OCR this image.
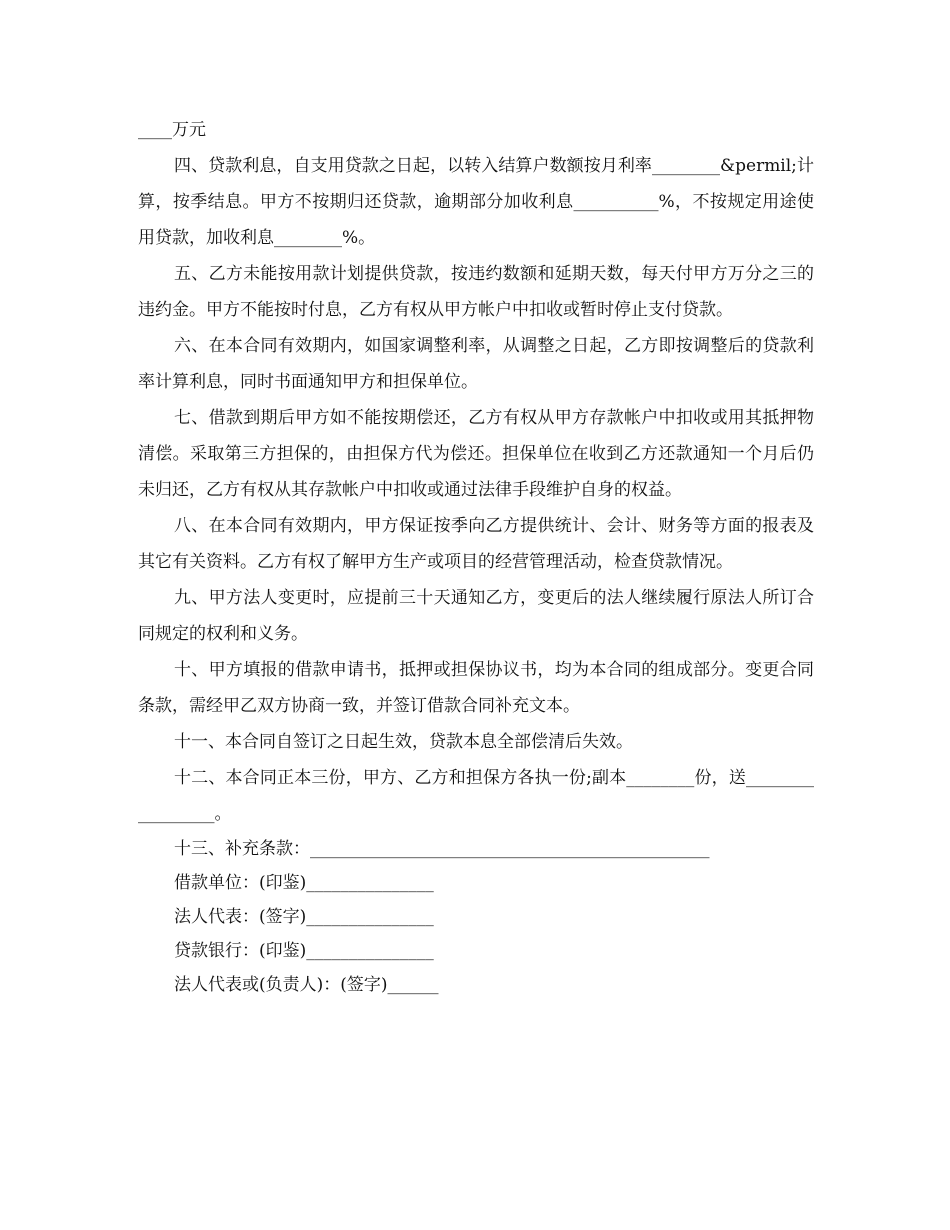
____万元

四、贷款利息，自支用贷款之日起，以转入结算户数额按月利率________&permil;计算，按季结息。甲方不按期归还贷款，逾期部分加收利息__________%，不按规定用途使用贷款，加收利息________%。

五、乙方未能按用款计划提供贷款，按违约数额和延期天数，每天付甲方万分之三的违约金。甲方不能按时付息，乙方有权从甲方帐户中扣收或暂时停止支付贷款。

六、在本合同有效期内，如国家调整利率，从调整之日起，乙方即按调整后的贷款利率计算利息，同时书面通知甲方和担保单位。

七、借款到期后甲方如不能按期偿还，乙方有权从甲方存款帐户中扣收或用其抵押物清偿。采取第三方担保的，由担保方代为偿还。担保单位在收到乙方还款通知一个月后仍未归还，乙方有权从其存款帐户中扣收或通过法律手段维护自身的权益。

八、在本合同有效期内，甲方保证按季向乙方提供统计、会计、财务等方面的报表及其它有关资料。乙方有权了解甲方生产或项目的经营管理活动，检查贷款情况。

九、甲方法人变更时，应提前三十天通知乙方，变更后的法人继续履行原法人所订合同规定的权利和义务。

十、甲方填报的借款申请书，抵押或担保协议书，均为本合同的组成部分。变更合同条款，需经甲乙双方协商一致，并签订借款合同补充文本。

十一、本合同自签订之日起生效，贷款本息全部偿清后失效。

十二、本合同正本三份，甲方、乙方和担保方各执一份;副本________份，送_________________。

十三、补充条款：_______________________________________________

借款单位：(印鉴)_______________

法人代表：(签字)_______________

贷款银行：(印鉴)_______________

法人代表或(负责人)：(签字)______
